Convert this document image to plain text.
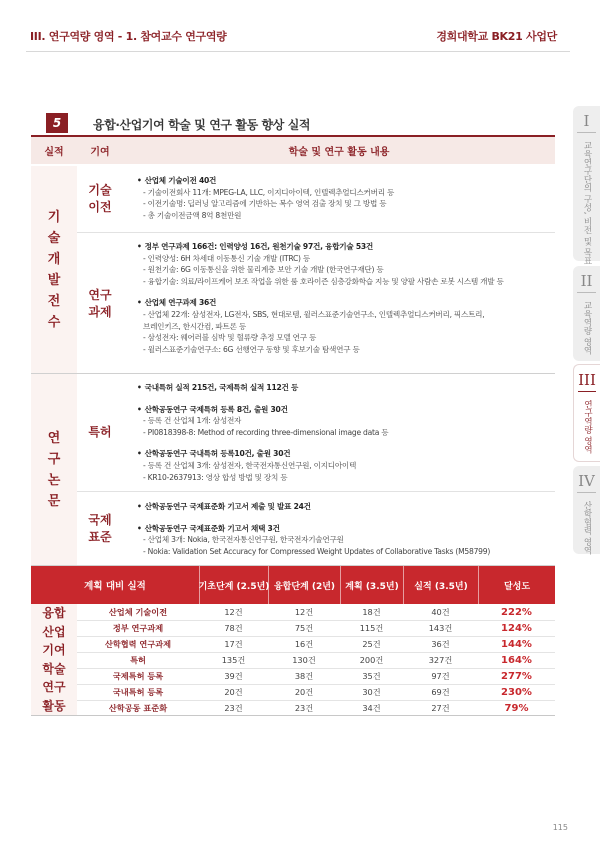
III. 연구역량 영역 - 1. 참여교수 연구역량	경희대학교 BK21 사업단
I
교육연구단의 구성, 비전 및 목표
II
교육역량 영역
III
연구역량 영역
IV
산학협력 영역
5	융합·산업기여 학술 및 연구 활동 향상 실적
실적	기여	학술 및 연구 활동 내용
기술개발전수
기술이전
• 산업체 기술이전 40건
- 기술이전회사 11개: MPEG-LA, LLC, 이지디아이텍, 인텔렉추얼디스커버리 등
- 이전기술명: 딥러닝 알고리즘에 기반하는 복수 영역 검출 장치 및 그 방법 등
- 총 기술이전금액 8억 8천만원
연구과제
• 정부 연구과제 166건: 인력양성 16건, 원천기술 97건, 융합기술 53건
- 인력양성: 6H 차세대 이동통신 기술 개발 (ITRC) 등
- 원천기술: 6G 이동통신을 위한 물리계층 보안 기술 개발 (한국연구재단) 등
- 융합기술: 의료/라이프케어 보조 작업을 위한 룸 호라이즌 심층강화학습 지능 및 양팔 사람손 로봇 시스템 개발 등
• 산업체 연구과제 36건
- 산업체 22개: 삼성전자, LG전자, SBS, 현대로템, 윌러스표준기술연구소, 인텔렉추얼디스커버리, 픽스트리,
브레인키즈, 한시간컴, 파트론 등
- 삼성전자: 웨어러블 심박 및 혈류량 추정 모델 연구 등
- 윌러스표준기술연구소: 6G 선행연구 동향 및 후보기술 탐색연구 등
연구논문
특허
• 국내특허 실적 215건, 국제특허 실적 112건 등
• 산학공동연구 국제특허 등록 8건, 출원 30건
- 등록 건 산업체 1개: 삼성전자
- PI0818398-8: Method of recording three-dimensional image data 등
• 산학공동연구 국내특허 등록10건, 출원 30건
- 등록 건 산업체 3개: 삼성전자, 한국전자통신연구원, 이지디아이텍
- KR10-2637913: 영상 합성 방법 및 장치 등
국제표준
• 산학공동연구 국제표준화 기고서 제출 및 발표 24건
• 산학공동연구 국제표준화 기고서 채택 3건
- 산업체 3개: Nokia, 한국전자통신연구원, 한국전자기술연구원
- Nokia: Validation Set Accuracy for Compressed Weight Updates of Collaborative Tasks (M58799)
계획 대비 실적	기초단계 (2.5년) 융합단계 (2년)	계획 (3.5년)	실적 (3.5년)	달성도
융합산업기여학술연구활동
산업체 기술이전	12건	12건	18건	40건	222%
정부 연구과제	78건	75건	115건	143건	124%
산학협력 연구과제	17건	16건	25건	36건	144%
특허	135건	130건	200건	327건	164%
국제특허 등록	39건	38건	35건	97건	277%
국내특허 등록	20건	20건	30건	69건	230%
산학공동 표준화	23건	23건	34건	27건	79%
115
